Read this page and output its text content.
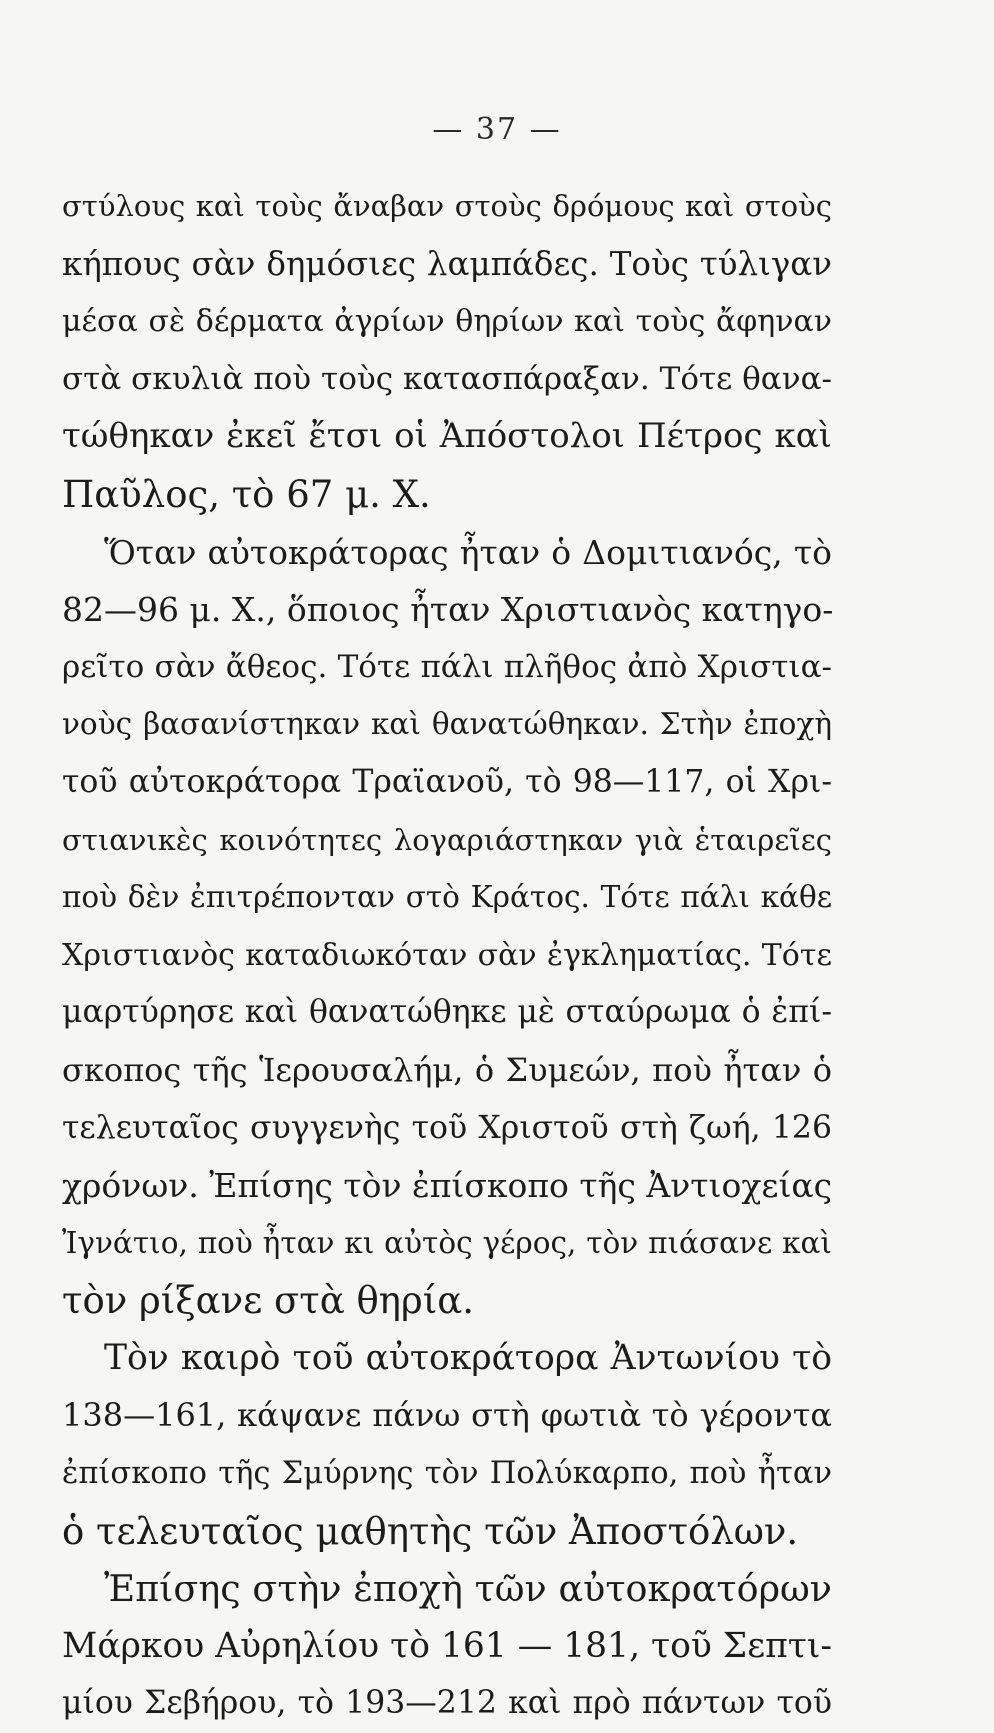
— 37 —
στύλους καὶ τοὺς ἄναβαν στοὺς δρόμους καὶ στοὺς
κήπους σὰν δημόσιες λαμπάδες. Τοὺς τύλιγαν
μέσα σὲ δέρματα ἀγρίων θηρίων καὶ τοὺς ἄφηναν
στὰ σκυλιὰ ποὺ τοὺς κατασπάραξαν. Τότε θανα-
τώθηκαν ἐκεῖ ἔτσι οἱ Ἀπόστολοι Πέτρος καὶ
Παῦλος, τὸ 67 μ. Χ.
Ὅταν αὐτοκράτορας ἦταν ὁ Δομιτιανός, τὸ
82—96 μ. Χ., ὅποιος ἦταν Χριστιανὸς κατηγο-
ρεῖτο σὰν ἄθεος. Τότε πάλι πλῆθος ἀπὸ Χριστια-
νοὺς βασανίστηκαν καὶ θανατώθηκαν. Στὴν ἐποχὴ
τοῦ αὐτοκράτορα Τραϊανοῦ, τὸ 98—117, οἱ Χρι-
στιανικὲς κοινότητες λογαριάστηκαν γιὰ ἑταιρεῖες
ποὺ δὲν ἐπιτρέπονταν στὸ Κράτος. Τότε πάλι κάθε
Χριστιανὸς καταδιωκόταν σὰν ἐγκληματίας. Τότε
μαρτύρησε καὶ θανατώθηκε μὲ σταύρωμα ὁ ἐπί-
σκοπος τῆς Ἱερουσαλήμ, ὁ Συμεών, ποὺ ἦταν ὁ
τελευταῖος συγγενὴς τοῦ Χριστοῦ στὴ ζωή, 126
χρόνων. Ἐπίσης τὸν ἐπίσκοπο τῆς Ἀντιοχείας
Ἰγνάτιο, ποὺ ἦταν κι αὐτὸς γέρος, τὸν πιάσανε καὶ
τὸν ρίξανε στὰ θηρία.
Τὸν καιρὸ τοῦ αὐτοκράτορα Ἀντωνίου τὸ
138—161, κάψανε πάνω στὴ φωτιὰ τὸ γέροντα
ἐπίσκοπο τῆς Σμύρνης τὸν Πολύκαρπο, ποὺ ἦταν
ὁ τελευταῖος μαθητὴς τῶν Ἀποστόλων.
Ἐπίσης στὴν ἐποχὴ τῶν αὐτοκρατόρων
Μάρκου Αὐρηλίου τὸ 161 — 181, τοῦ Σεπτι-
μίου Σεβήρου, τὸ 193—212 καὶ πρὸ πάντων τοῦ
